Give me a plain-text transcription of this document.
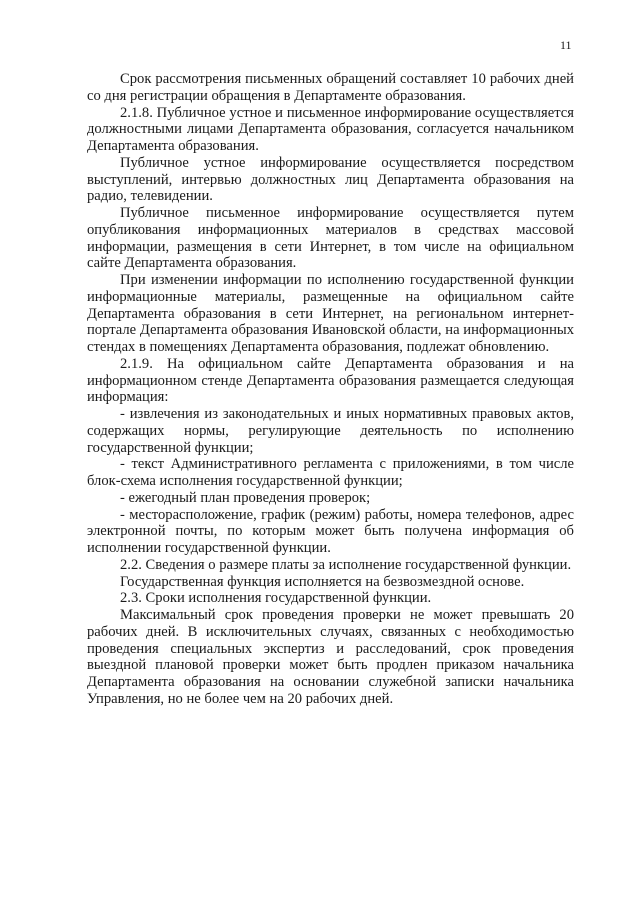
11

Срок рассмотрения письменных обращений составляет 10 рабочих дней со дня регистрации обращения в Департаменте образования.

2.1.8. Публичное устное и письменное информирование осуществляется должностными лицами Департамента образования, согласуется начальником Департамента образования.

Публичное устное информирование осуществляется посредством выступлений, интервью должностных лиц Департамента образования на радио, телевидении.

Публичное письменное информирование осуществляется путем опубликования информационных материалов в средствах массовой информации, размещения в сети Интернет, в том числе на официальном сайте Департамента образования.

При изменении информации по исполнению государственной функции информационные материалы, размещенные на официальном сайте Департамента образования в сети Интернет, на региональном интернет-портале Департамента образования Ивановской области, на информационных стендах в помещениях Департамента образования, подлежат обновлению.

2.1.9. На официальном сайте Департамента образования и на информационном стенде Департамента образования размещается следующая информация:

- извлечения из законодательных и иных нормативных правовых актов, содержащих нормы, регулирующие деятельность по исполнению государственной функции;

- текст Административного регламента с приложениями, в том числе блок-схема исполнения государственной функции;

- ежегодный план проведения проверок;

- месторасположение, график (режим) работы, номера телефонов, адрес электронной почты, по которым может быть получена информация об исполнении государственной функции.

2.2. Сведения о размере платы за исполнение государственной функции.

Государственная функция исполняется на безвозмездной основе.

2.3. Сроки исполнения государственной функции.

Максимальный срок проведения проверки не может превышать 20 рабочих дней. В исключительных случаях, связанных с необходимостью проведения специальных экспертиз и расследований, срок проведения выездной плановой проверки может быть продлен приказом начальника Департамента образования на основании служебной записки начальника Управления, но не более чем на 20 рабочих дней.
